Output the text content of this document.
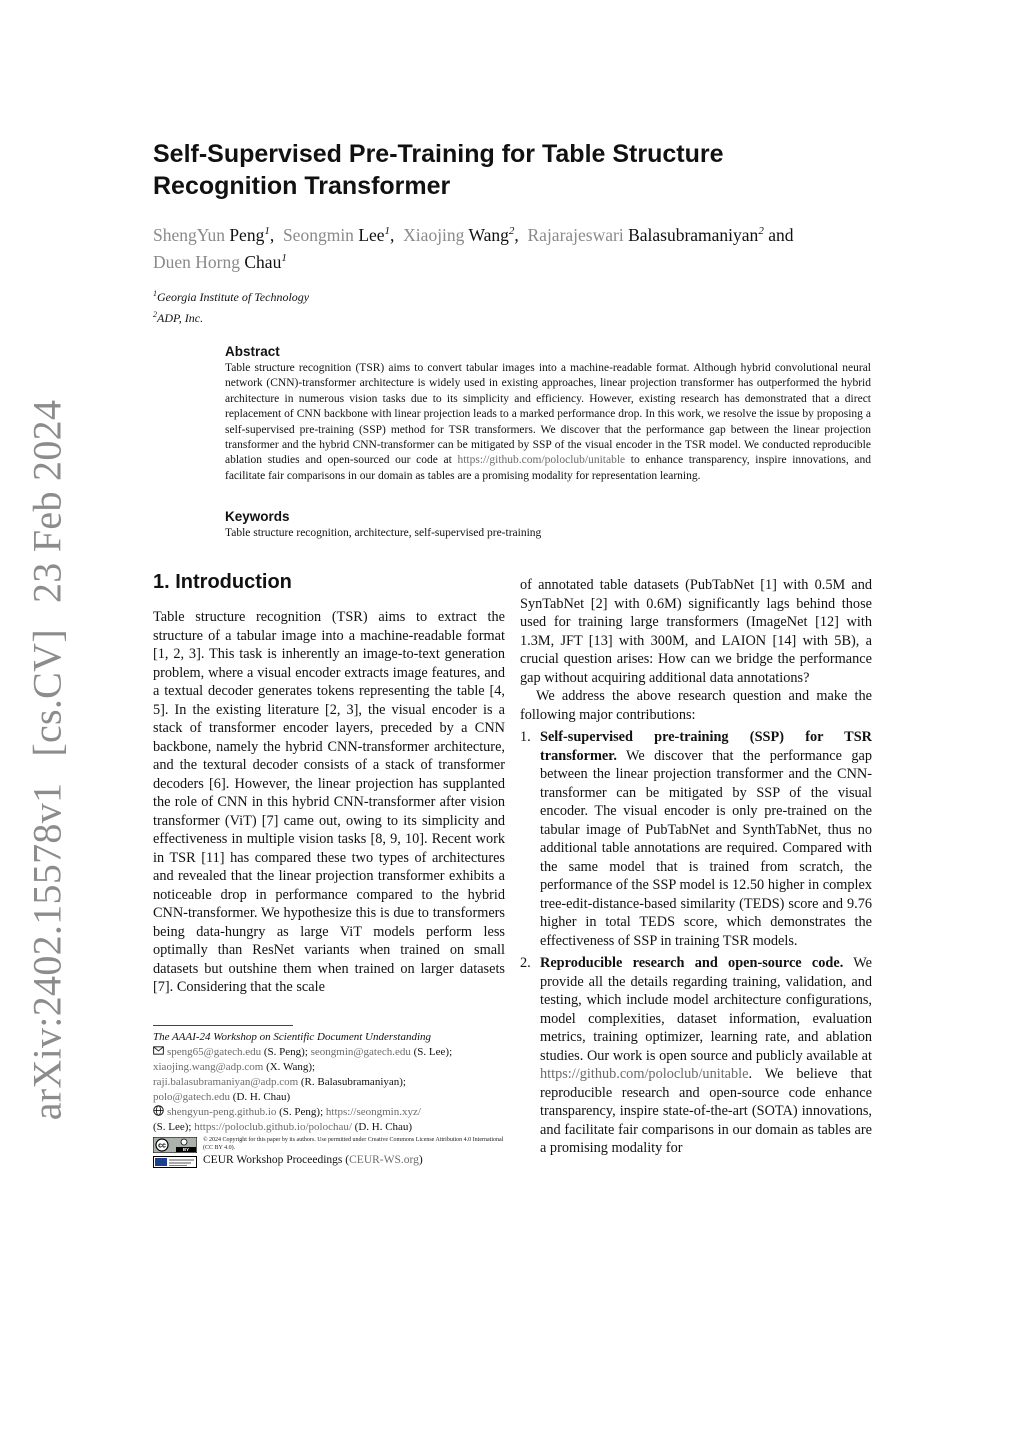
arXiv:2402.15578v1[cs.CV]23 Feb 2024
Self-Supervised Pre-Training for Table Structure Recognition Transformer
ShengYun Peng$^1$, Seongmin Lee$^1$, Xiaojing Wang$^2$, Rajarajeswari Balasubramaniyan$^2$ and
Duen Horng Chau$^1$
$^1$Georgia Institute of Technology
$^2$ADP, Inc.
Abstract

Table structure recognition (TSR) aims to convert tabular images into a machine-readable format. Although hybrid convolutional neural network (CNN)-transformer architecture is widely used in existing approaches, linear projection transformer has outperformed the hybrid architecture in numerous vision tasks due to its simplicity and efficiency. However, existing research has demonstrated that a direct replacement of CNN backbone with linear projection leads to a marked performance drop. In this work, we resolve the issue by proposing a self-supervised pre-training (SSP) method for TSR transformers. We discover that the performance gap between the linear projection transformer and the hybrid CNN-transformer can be mitigated by SSP of the visual encoder in the TSR model. We conducted reproducible ablation studies and open-sourced our code at https://github.com/poloclub/unitable to enhance transparency, inspire innovations, and facilitate fair comparisons in our domain as tables are a promising modality for representation learning.

Keywords

Table structure recognition, architecture, self-supervised pre-training

1. Introduction

Table structure recognition (TSR) aims to extract the structure of a tabular image into a machine-readable format [1, 2, 3]. This task is inherently an image-to-text generation problem, where a visual encoder extracts image features, and a textual decoder generates tokens representing the table [4, 5]. In the existing literature [2, 3], the visual encoder is a stack of transformer encoder layers, preceded by a CNN backbone, namely the hybrid CNN-transformer architecture, and the textural decoder consists of a stack of transformer decoders [6]. However, the linear projection has supplanted the role of CNN in this hybrid CNN-transformer after vision transformer (ViT) [7] came out, owing to its simplicity and effectiveness in multiple vision tasks [8, 9, 10]. Recent work in TSR [11] has compared these two types of architectures and revealed that the linear projection transformer exhibits a noticeable drop in performance compared to the hybrid CNN-transformer. We hypothesize this is due to transformers being data-hungry as large ViT models perform less optimally than ResNet variants when trained on small datasets but outshine them when trained on larger datasets [7]. Considering that the scale

The AAAI-24 Workshop on Scientific Document Understanding
speng65@gatech.edu (S. Peng); seongmin@gatech.edu (S. Lee);
xiaojing.wang@adp.com (X. Wang);
raji.balasubramaniyan@adp.com (R. Balasubramaniyan);
polo@gatech.edu (D. H. Chau)
shengyun-peng.github.io (S. Peng); https://seongmin.xyz/
(S. Lee); https://poloclub.github.io/polochau/ (D. H. Chau)
cc
BY
© 2024 Copyright for this paper by its authors. Use permitted under Creative Commons License Attribution 4.0 International (CC BY 4.0).
CEUR Workshop Proceedings (CEUR-WS.org)

of annotated table datasets (PubTabNet [1] with 0.5M and SynTabNet [2] with 0.6M) significantly lags behind those used for training large transformers (ImageNet [12] with 1.3M, JFT [13] with 300M, and LAION [14] with 5B), a crucial question arises: How can we bridge the performance gap without acquiring additional data annotations?

We address the above research question and make the following major contributions:

1. Self-supervised pre-training (SSP) for TSR transformer. We discover that the performance gap between the linear projection transformer and the CNN-transformer can be mitigated by SSP of the visual encoder. The visual encoder is only pre-trained on the tabular image of PubTabNet and SynthTabNet, thus no additional table annotations are required. Compared with the same model that is trained from scratch, the performance of the SSP model is 12.50 higher in complex tree-edit-distance-based similarity (TEDS) score and 9.76 higher in total TEDS score, which demonstrates the effectiveness of SSP in training TSR models.
2. Reproducible research and open-source code. We provide all the details regarding training, validation, and testing, which include model architecture configurations, model complexities, dataset information, evaluation metrics, training optimizer, learning rate, and ablation studies. Our work is open source and publicly available at https://github.com/poloclub/unitable. We believe that reproducible research and open-source code enhance transparency, inspire state-of-the-art (SOTA) innovations, and facilitate fair comparisons in our domain as tables are a promising modality for
